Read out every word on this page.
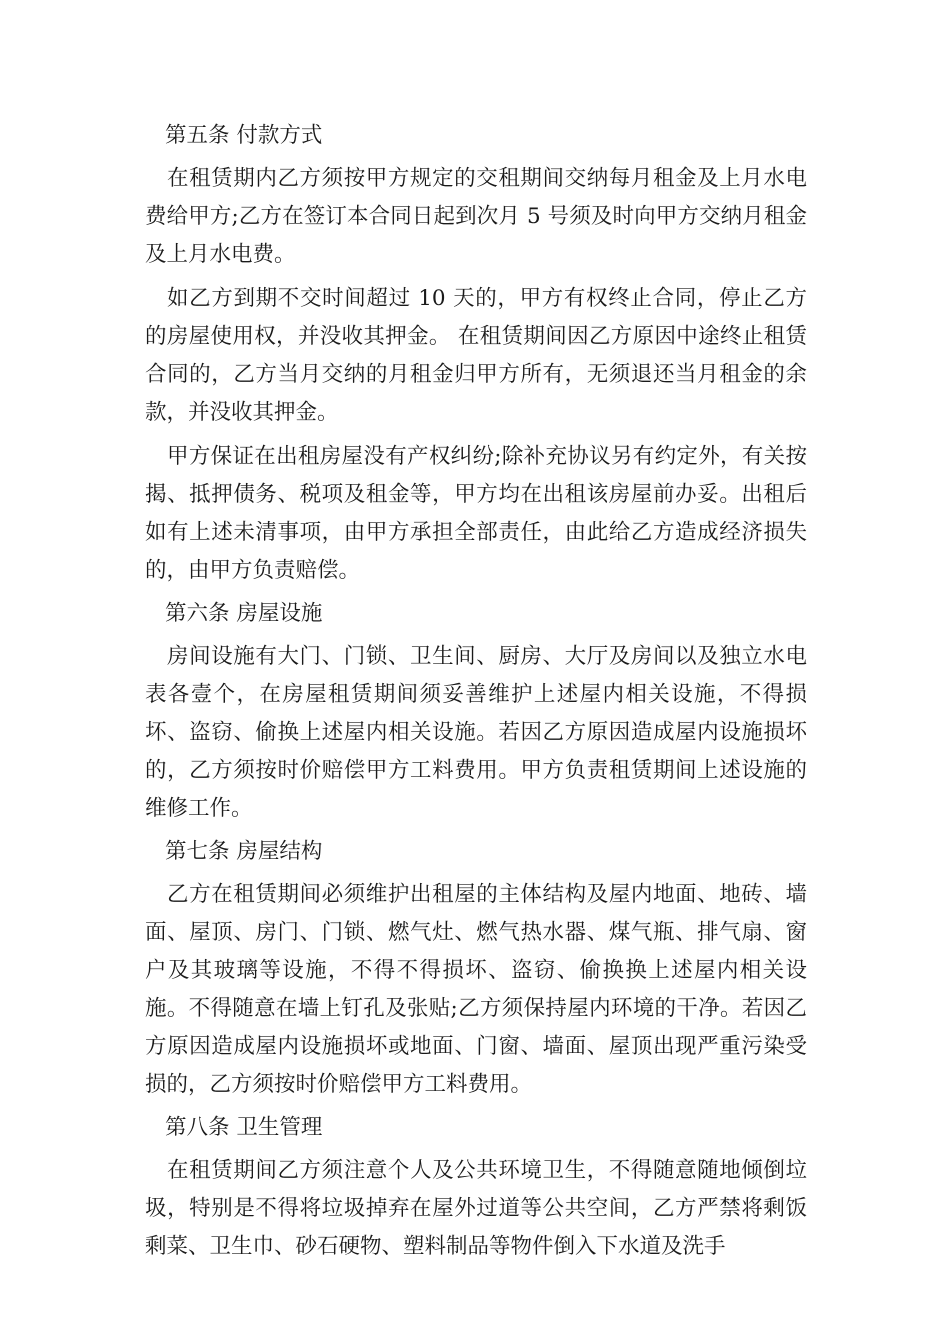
第五条 付款方式

在租赁期内乙方须按甲方规定的交租期间交纳每月租金及上月水电费给甲方;乙方在签订本合同日起到次月 5 号须及时向甲方交纳月租金及上月水电费。

如乙方到期不交时间超过 10 天的，甲方有权终止合同，停止乙方的房屋使用权，并没收其押金。 在租赁期间因乙方原因中途终止租赁合同的，乙方当月交纳的月租金归甲方所有，无须退还当月租金的余款，并没收其押金。

甲方保证在出租房屋没有产权纠纷;除补充协议另有约定外，有关按揭、抵押债务、税项及租金等，甲方均在出租该房屋前办妥。出租后如有上述未清事项，由甲方承担全部责任，由此给乙方造成经济损失的，由甲方负责赔偿。

第六条 房屋设施

房间设施有大门、门锁、卫生间、厨房、大厅及房间以及独立水电表各壹个，在房屋租赁期间须妥善维护上述屋内相关设施，不得损坏、盗窃、偷换上述屋内相关设施。若因乙方原因造成屋内设施损坏的，乙方须按时价赔偿甲方工料费用。甲方负责租赁期间上述设施的维修工作。

第七条 房屋结构

乙方在租赁期间必须维护出租屋的主体结构及屋内地面、地砖、墙面、屋顶、房门、门锁、燃气灶、燃气热水器、煤气瓶、排气扇、窗户及其玻璃等设施，不得不得损坏、盗窃、偷换换上述屋内相关设施。不得随意在墙上钉孔及张贴;乙方须保持屋内环境的干净。若因乙方原因造成屋内设施损坏或地面、门窗、墙面、屋顶出现严重污染受损的，乙方须按时价赔偿甲方工料费用。

第八条 卫生管理

在租赁期间乙方须注意个人及公共环境卫生，不得随意随地倾倒垃圾，特别是不得将垃圾掉弃在屋外过道等公共空间，乙方严禁将剩饭剩菜、卫生巾、砂石硬物、塑料制品等物件倒入下水道及洗手
